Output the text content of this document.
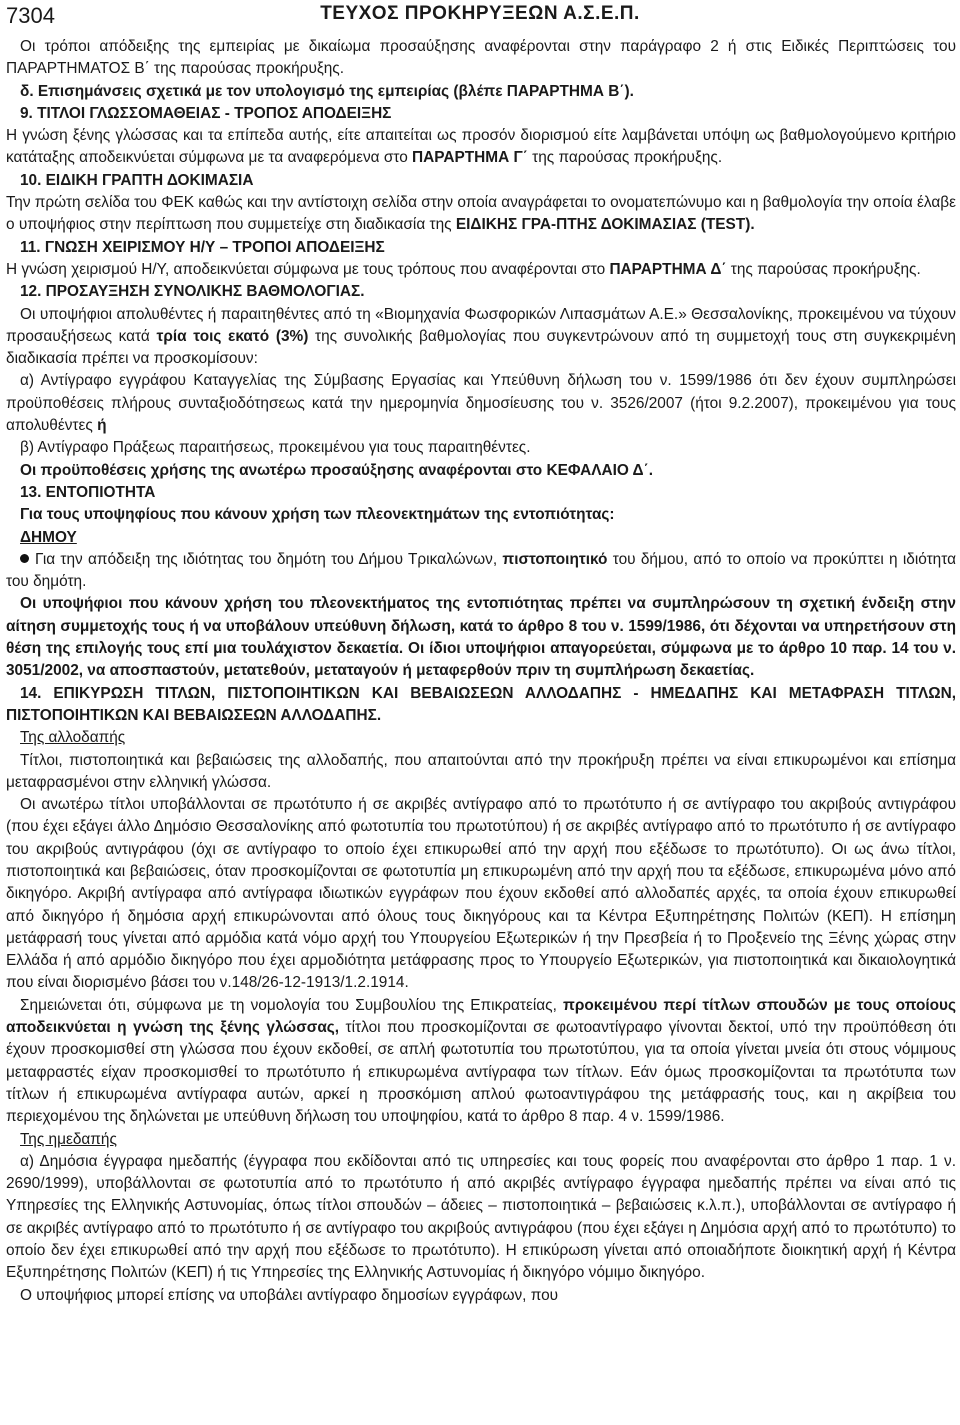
7304	ΤΕΥΧΟΣ ΠΡΟΚΗΡΥΞΕΩΝ Α.Σ.Ε.Π.

Οι τρόποι απόδειξης της εμπειρίας με δικαίωμα προσαύξησης αναφέρονται στην παράγραφο 2 ή στις Ειδικές Περιπτώσεις του ΠΑΡΑΡΤΗΜΑΤΟΣ Β΄ της παρούσας προκήρυξης.

δ. Επισημάνσεις σχετικά με τον υπολογισμό της εμπειρίας (βλέπε ΠΑΡΑΡΤΗΜΑ Β΄).

9. ΤΙΤΛΟΙ ΓΛΩΣΣΟΜΑΘΕΙΑΣ - ΤΡΟΠΟΣ ΑΠΟΔΕΙΞΗΣ

Η γνώση ξένης γλώσσας και τα επίπεδα αυτής, είτε απαιτείται ως προσόν διορισμού είτε λαμβάνεται υπόψη ως βαθμολογούμενο κριτήριο κατάταξης αποδεικνύεται σύμφωνα με τα αναφερόμενα στο ΠΑΡΑΡΤΗΜΑ Γ΄ της παρούσας προκήρυξης.

10. ΕΙΔΙΚΗ ΓΡΑΠΤΗ ΔΟΚΙΜΑΣΙΑ

Την πρώτη σελίδα του ΦΕΚ καθώς και την αντίστοιχη σελίδα στην οποία αναγράφεται το ονοματεπώνυμο και η βαθμολογία την οποία έλαβε ο υποψήφιος στην περίπτωση που συμμετείχε στη διαδικασία της ΕΙΔΙΚΗΣ ΓΡΑ-ΠΤΗΣ ΔΟΚΙΜΑΣΙΑΣ (TEST).

11. ΓΝΩΣΗ ΧΕΙΡΙΣΜΟΥ Η/Υ – ΤΡΟΠΟΙ ΑΠΟΔΕΙΞΗΣ

Η γνώση χειρισμού Η/Υ, αποδεικνύεται σύμφωνα με τους τρόπους που αναφέρονται στο ΠΑΡΑΡΤΗΜΑ Δ΄ της παρούσας προκήρυξης.

12. ΠΡΟΣΑΥΞΗΣΗ ΣΥΝΟΛΙΚΗΣ ΒΑΘΜΟΛΟΓΙΑΣ.

Οι υποψήφιοι απολυθέντες ή παραιτηθέντες από τη «Βιομηχανία Φωσφορικών Λιπασμάτων Α.Ε.» Θεσσαλονίκης, προκειμένου να τύχουν προσαυξήσεως κατά τρία τοις εκατό (3%) της συνολικής βαθμολογίας που συγκεντρώνουν από τη συμμετοχή τους στη συγκεκριμένη διαδικασία πρέπει να προσκομίσουν:

α) Αντίγραφο εγγράφου Καταγγελίας της Σύμβασης Εργασίας και Υπεύθυνη δήλωση του ν. 1599/1986 ότι δεν έχουν συμπληρώσει προϋποθέσεις πλήρους συνταξιοδότησεως κατά την ημερομηνία δημοσίευσης του ν. 3526/2007 (ήτοι 9.2.2007), προκειμένου για τους απολυθέντες ή

β) Αντίγραφο Πράξεως παραιτήσεως, προκειμένου για τους παραιτηθέντες.

Οι προϋποθέσεις χρήσης της ανωτέρω προσαύξησης αναφέρονται στο ΚΕΦΑΛΑΙΟ Δ΄.

13. ΕΝΤΟΠΙΟΤΗΤΑ

Για τους υποψηφίους που κάνουν χρήση των πλεονεκτημάτων της εντοπιότητας:

ΔΗΜΟΥ

Για την απόδειξη της ιδιότητας του δημότη του Δήμου Τρικαλώνων, πιστοποιητικό του δήμου, από το οποίο να προκύπτει η ιδιότητα του δημότη.

Οι υποψήφιοι που κάνουν χρήση του πλεονεκτήματος της εντοπιότητας πρέπει να συμπληρώσουν τη σχετική ένδειξη στην αίτηση συμμετοχής τους ή να υποβάλουν υπεύθυνη δήλωση, κατά το άρθρο 8 του ν. 1599/1986, ότι δέχονται να υπηρετήσουν στη θέση της επιλογής τους επί μια τουλάχιστον δεκαετία. Οι ίδιοι υποψήφιοι απαγορεύεται, σύμφωνα με το άρθρο 10 παρ. 14 του ν. 3051/2002, να αποσπαστούν, μετατεθούν, μεταταγούν ή μεταφερθούν πριν τη συμπλήρωση δεκαετίας.

14. ΕΠΙΚΥΡΩΣΗ ΤΙΤΛΩΝ, ΠΙΣΤΟΠΟΙΗΤΙΚΩΝ ΚΑΙ ΒΕΒΑΙΩΣΕΩΝ ΑΛΛΟΔΑΠΗΣ - ΗΜΕΔΑΠΗΣ ΚΑΙ ΜΕΤΑΦΡΑΣΗ ΤΙΤΛΩΝ, ΠΙΣΤΟΠΟΙΗΤΙΚΩΝ ΚΑΙ ΒΕΒΑΙΩΣΕΩΝ ΑΛΛΟΔΑΠΗΣ.

Της αλλοδαπής

Τίτλοι, πιστοποιητικά και βεβαιώσεις της αλλοδαπής, που απαιτούνται από την προκήρυξη πρέπει να είναι επικυρωμένοι και επίσημα μεταφρασμένοι στην ελληνική γλώσσα.

Οι ανωτέρω τίτλοι υποβάλλονται σε πρωτότυπο ή σε ακριβές αντίγραφο από το πρωτότυπο ή σε αντίγραφο του ακριβούς αντιγράφου (που έχει εξάγει άλλο Δημόσιο Θεσσαλονίκης από φωτοτυπία του πρωτοτύπου) ή σε ακριβές αντίγραφο από το πρωτότυπο ή σε αντίγραφο του ακριβούς αντιγράφου (όχι σε αντίγραφο το οποίο έχει επικυρωθεί από την αρχή που εξέδωσε το πρωτότυπο). Οι ως άνω τίτλοι, πιστοποιητικά και βεβαιώσεις, όταν προσκομίζονται σε φωτοτυπία μη επικυρωμένη από την αρχή που τα εξέδωσε, επικυρωμένα μόνο από δικηγόρο. Ακριβή αντίγραφα από αντίγραφα ιδιωτικών εγγράφων που έχουν εκδοθεί από αλλοδαπές αρχές, τα οποία έχουν επικυρωθεί από δικηγόρο ή δημόσια αρχή επικυρώνονται από όλους τους δικηγόρους και τα Κέντρα Εξυπηρέτησης Πολιτών (ΚΕΠ). Η επίσημη μετάφρασή τους γίνεται από αρμόδια κατά νόμο αρχή του Υπουργείου Εξωτερικών ή την Πρεσβεία ή το Προξενείο της Ξένης χώρας στην Ελλάδα ή από αρμόδιο δικηγόρο που έχει αρμοδιότητα μετάφρασης προς το Υπουργείο Εξωτερικών, για πιστοποιητικά και δικαιολογητικά που είναι διορισμένο βάσει του ν.148/26-12-1913/1.2.1914.

Σημειώνεται ότι, σύμφωνα με τη νομολογία του Συμβουλίου της Επικρατείας, προκειμένου περί τίτλων σπουδών με τους οποίους αποδεικνύεται η γνώση της ξένης γλώσσας, τίτλοι που προσκομίζονται σε φωτοαντίγραφο γίνονται δεκτοί, υπό την προϋπόθεση ότι έχουν προσκομισθεί στη γλώσσα που έχουν εκδοθεί, σε απλή φωτοτυπία του πρωτοτύπου, για τα οποία γίνεται μνεία ότι στους νόμιμους μεταφραστές είχαν προσκομισθεί το πρωτότυπο ή επικυρωμένα αντίγραφα των τίτλων. Εάν όμως προσκομίζονται τα πρωτότυπα των τίτλων ή επικυρωμένα αντίγραφα αυτών, αρκεί η προσκόμιση απλού φωτοαντιγράφου της μετάφρασής τους, και η ακρίβεια του περιεχομένου της δηλώνεται με υπεύθυνη δήλωση του υποψηφίου, κατά το άρθρο 8 παρ. 4 ν. 1599/1986.

Της ημεδαπής

α) Δημόσια έγγραφα ημεδαπής (έγγραφα που εκδίδονται από τις υπηρεσίες και τους φορείς που αναφέρονται στο άρθρο 1 παρ. 1 ν. 2690/1999), υποβάλλονται σε φωτοτυπία από το πρωτότυπο ή από ακριβές αντίγραφο έγγραφα ημεδαπής πρέπει να είναι από τις Υπηρεσίες της Ελληνικής Αστυνομίας, όπως τίτλοι σπουδών – άδειες – πιστοποιητικά – βεβαιώσεις κ.λ.π.), υποβάλλονται σε αντίγραφο ή σε ακριβές αντίγραφο από το πρωτότυπο ή σε αντίγραφο του ακριβούς αντιγράφου (που έχει εξάγει η Δημόσια αρχή από το πρωτότυπο) το οποίο δεν έχει επικυρωθεί από την αρχή που εξέδωσε το πρωτότυπο). Η επικύρωση γίνεται από οποιαδήποτε διοικητική αρχή ή Κέντρα Εξυπηρέτησης Πολιτών (ΚΕΠ) ή τις Υπηρεσίες της Ελληνικής Αστυνομίας ή δικηγόρο νόμιμο δικηγόρο.

Ο υποψήφιος μπορεί επίσης να υποβάλει αντίγραφο δημοσίων εγγράφων, που
